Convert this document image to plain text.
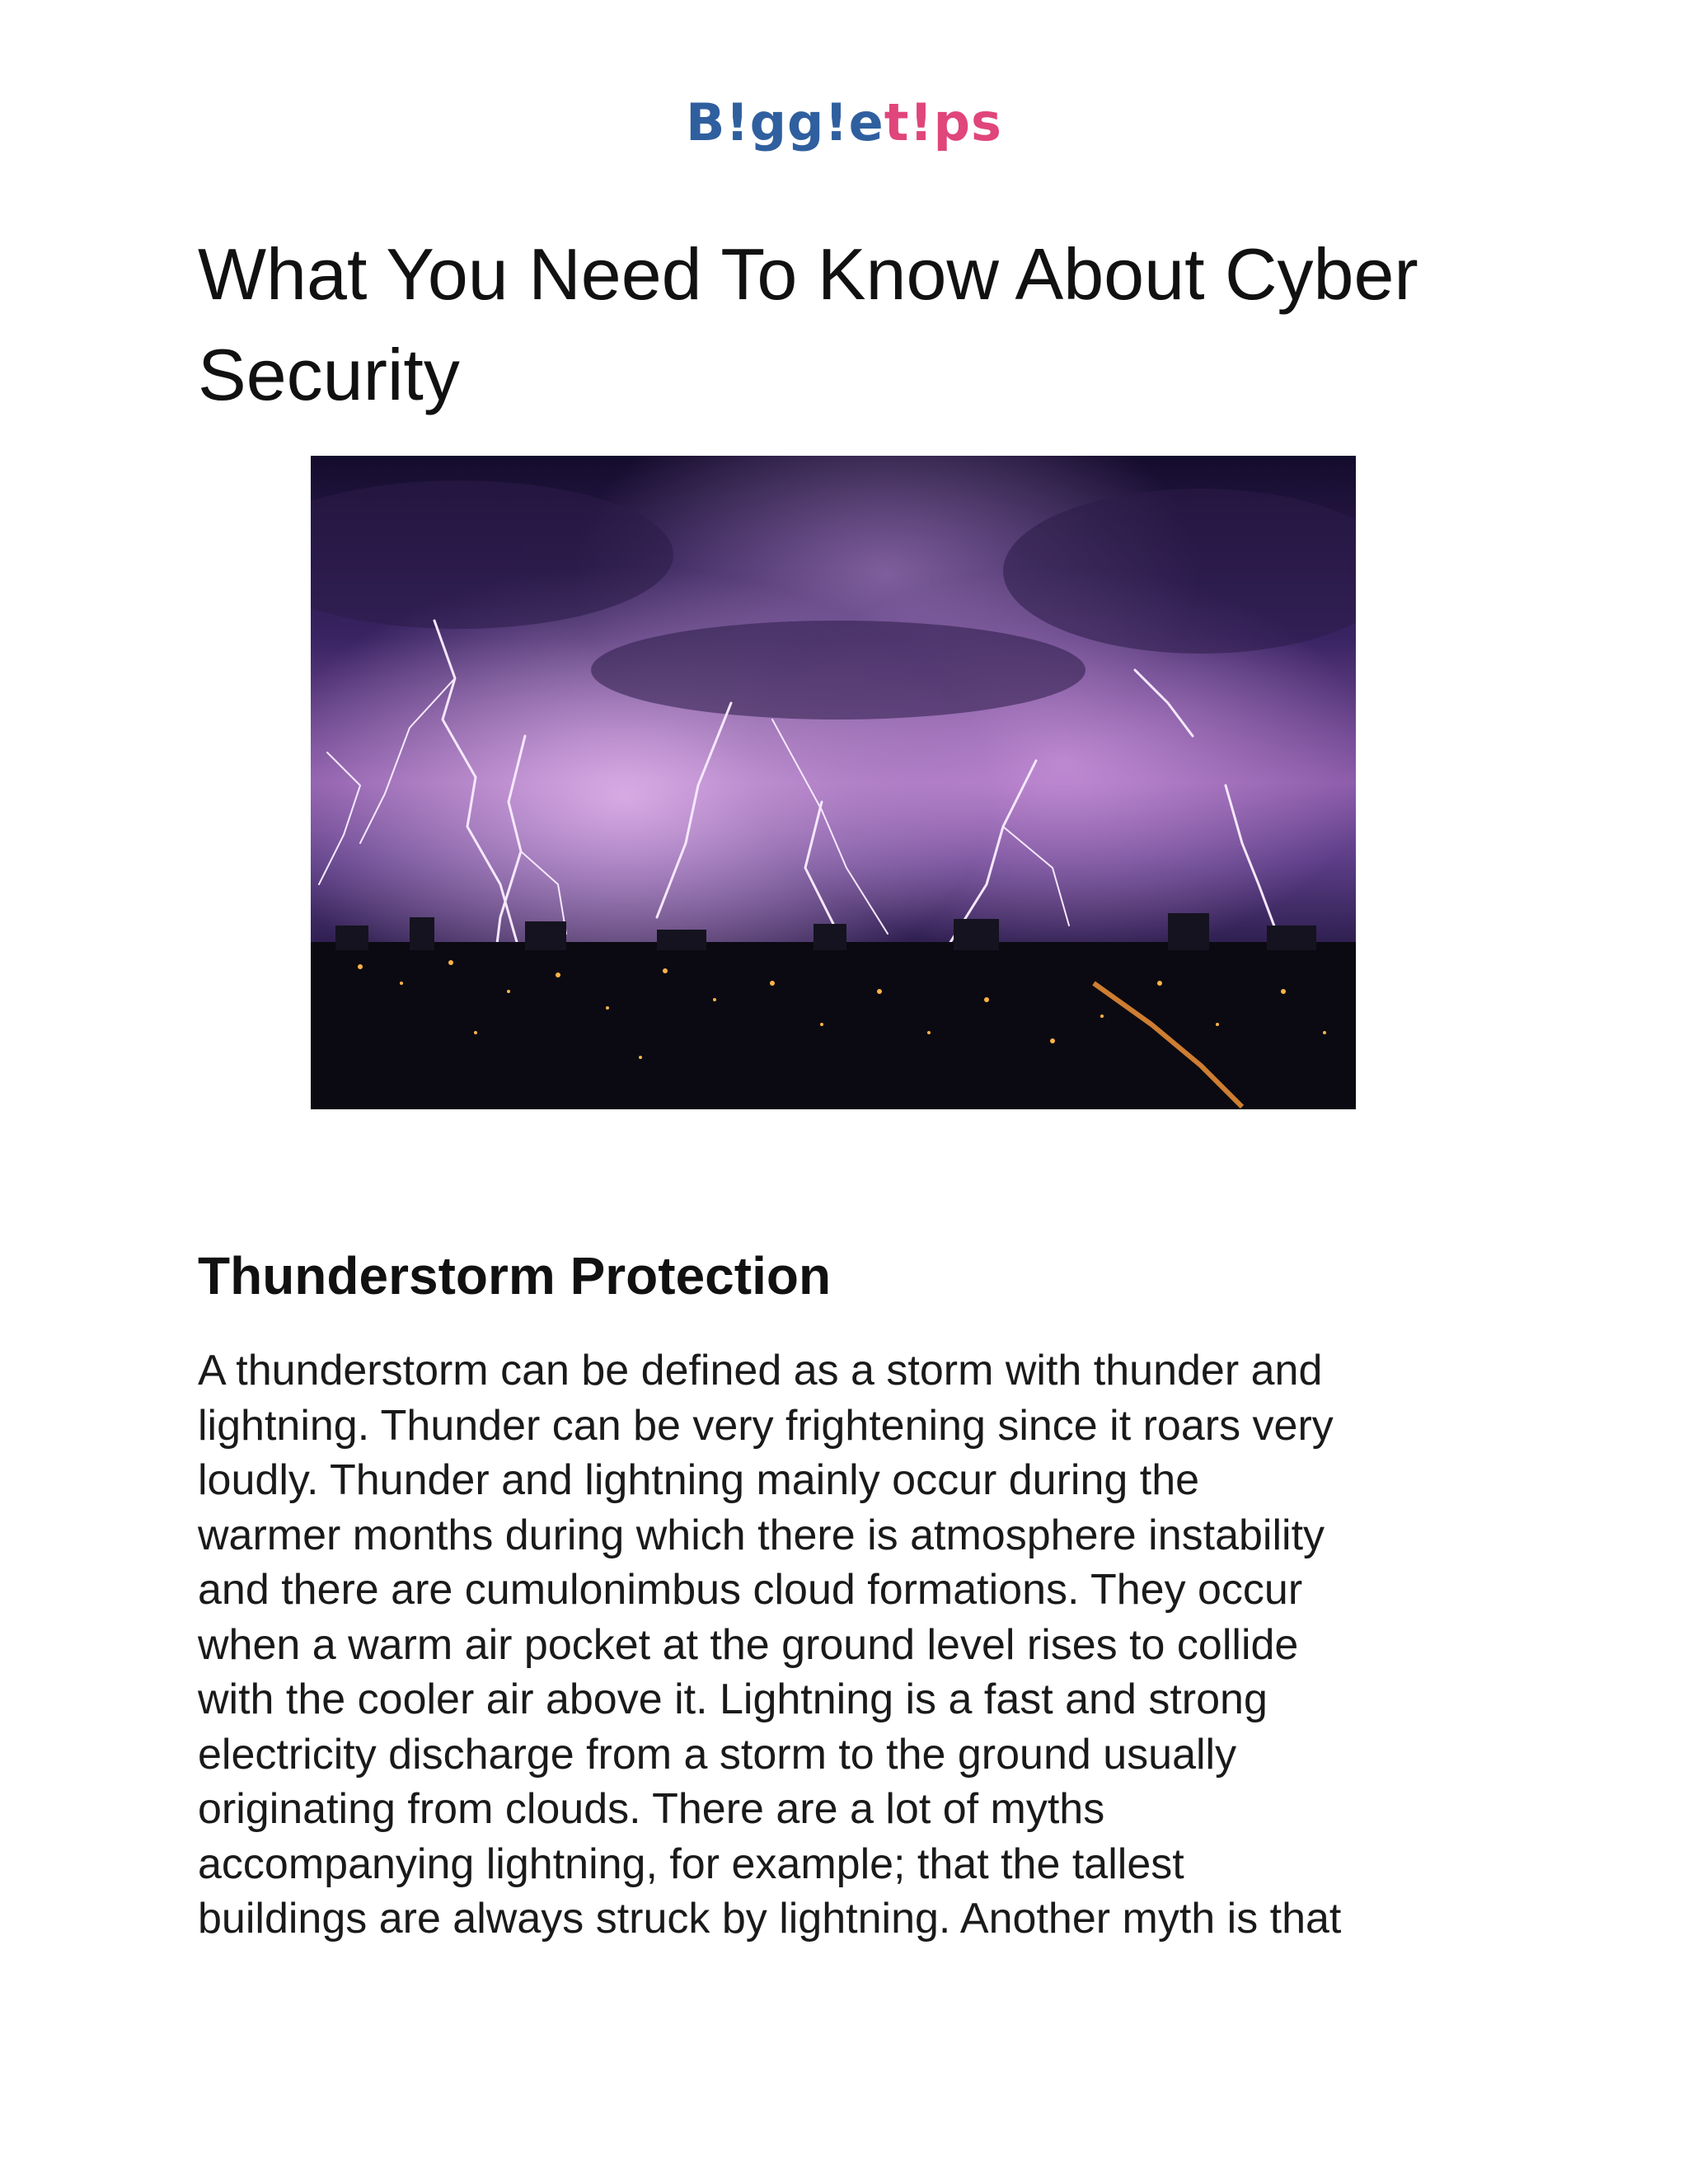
B!gg!et!ps
What You Need To Know About Cyber Security
Thunderstorm Protection

A thunderstorm can be defined as a storm with thunder and
lightning. Thunder can be very frightening since it roars very
loudly. Thunder and lightning mainly occur during the
warmer months during which there is atmosphere instability
and there are cumulonimbus cloud formations. They occur
when a warm air pocket at the ground level rises to collide
with the cooler air above it. Lightning is a fast and strong
electricity discharge from a storm to the ground usually
originating from clouds. There are a lot of myths
accompanying lightning, for example; that the tallest
buildings are always struck by lightning. Another myth is that
